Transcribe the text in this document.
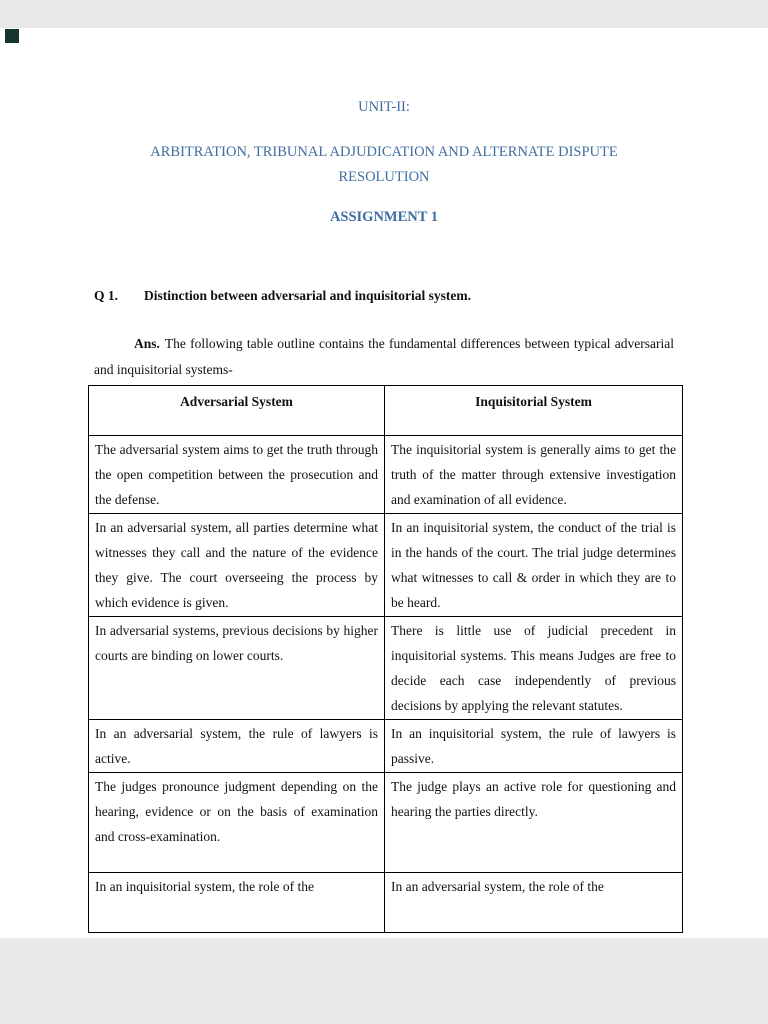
UNIT-II:
ARBITRATION, TRIBUNAL ADJUDICATION AND ALTERNATE DISPUTE
RESOLUTION
ASSIGNMENT 1

Q 1. Distinction between adversarial and inquisitorial system.

Ans. The following table outline contains the fundamental differences between typical adversarial and inquisitorial systems-

Adversarial System	Inquisitorial System
The adversarial system aims to get the truth through the open competition between the prosecution and the defense.	The inquisitorial system is generally aims to get the truth of the matter through extensive investigation and examination of all evidence.
In an adversarial system, all parties determine what witnesses they call and the nature of the evidence they give. The court overseeing the process by which evidence is given.	In an inquisitorial system, the conduct of the trial is in the hands of the court. The trial judge determines what witnesses to call & order in which they are to be heard.
In adversarial systems, previous decisions by higher courts are binding on lower courts.	There is little use of judicial precedent in inquisitorial systems. This means Judges are free to decide each case independently of previous decisions by applying the relevant statutes.
In an adversarial system, the rule of lawyers is active.	In an inquisitorial system, the rule of lawyers is passive.
The judges pronounce judgment depending on the hearing, evidence or on the basis of examination and cross-examination.	The judge plays an active role for questioning and hearing the parties directly.
In an inquisitorial system, the role of the	In an adversarial system, the role of the
